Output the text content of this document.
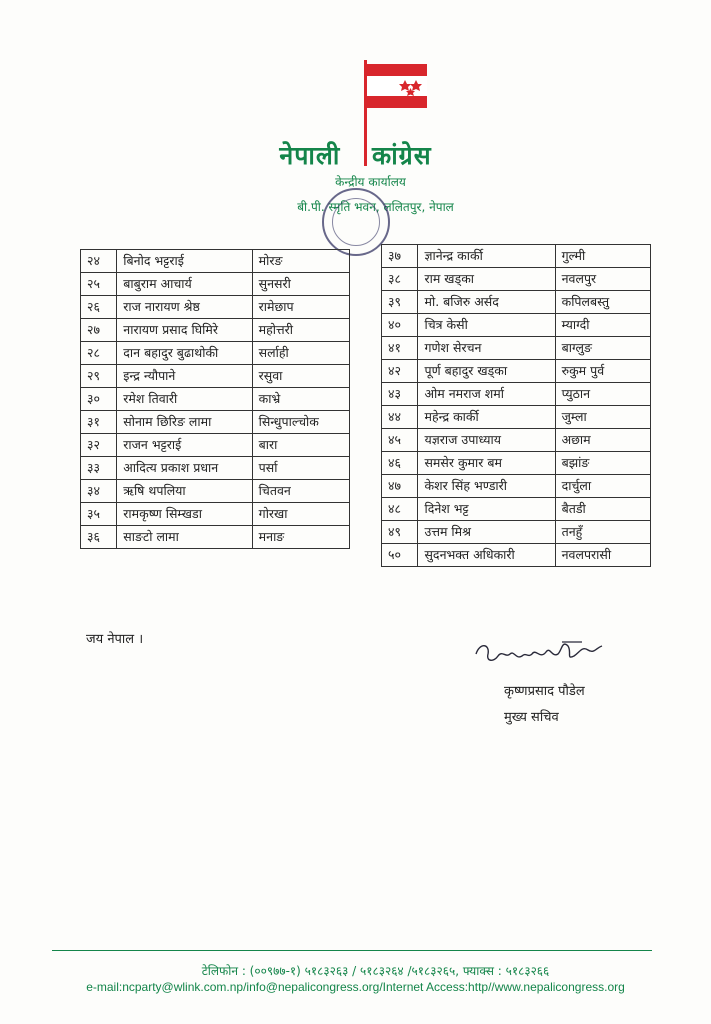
नेपाली कांग्रेस
केन्द्रीय कार्यालय
बी.पी. स्मृति भवन, ललितपुर, नेपाल
२४	बिनोद भट्टराई	मोरङ
२५	बाबुराम आचार्य	सुनसरी
२६	राज नारायण श्रेष्ठ	रामेछाप
२७	नारायण प्रसाद घिमिरे	महोत्तरी
२८	दान बहादुर बुढाथोकी	सर्लाही
२९	इन्द्र न्यौपाने	रसुवा
३०	रमेश तिवारी	काभ्रे
३१	सोनाम छिरिङ लामा	सिन्धुपाल्चोक
३२	राजन भट्टराई	बारा
३३	आदित्य प्रकाश प्रधान	पर्सा
३४	ऋषि थपलिया	चितवन
३५	रामकृष्ण सिम्खडा	गोरखा
३६	साङटो लामा	मनाङ
३७	ज्ञानेन्द्र कार्की	गुल्मी
३८	राम खड्का	नवलपुर
३९	मो. बजिरु अर्सद	कपिलबस्तु
४०	चित्र केसी	म्याग्दी
४१	गणेश सेरचन	बाग्लुङ
४२	पूर्ण बहादुर खड्का	रुकुम पुर्व
४३	ओम नमराज शर्मा	प्युठान
४४	महेन्द्र कार्की	जुम्ला
४५	यज्ञराज उपाध्याय	अछाम
४६	समसेर कुमार बम	बझांङ
४७	केशर सिंह भण्डारी	दार्चुला
४८	दिनेश भट्ट	बैतडी
४९	उत्तम मिश्र	तनहुँ
५०	सुदनभक्त अधिकारी	नवलपरासी
जय नेपाल ।
कृष्णप्रसाद पौडेल
मुख्य सचिव
टेलिफोन : (००९७७-१) ५१८३२६३ / ५१८३२६४ /५१८३२६५, फ्याक्स : ५१८३२६६
e-mail:ncparty@wlink.com.np/info@nepalicongress.org/Internet Access:http//www.nepalicongress.org
